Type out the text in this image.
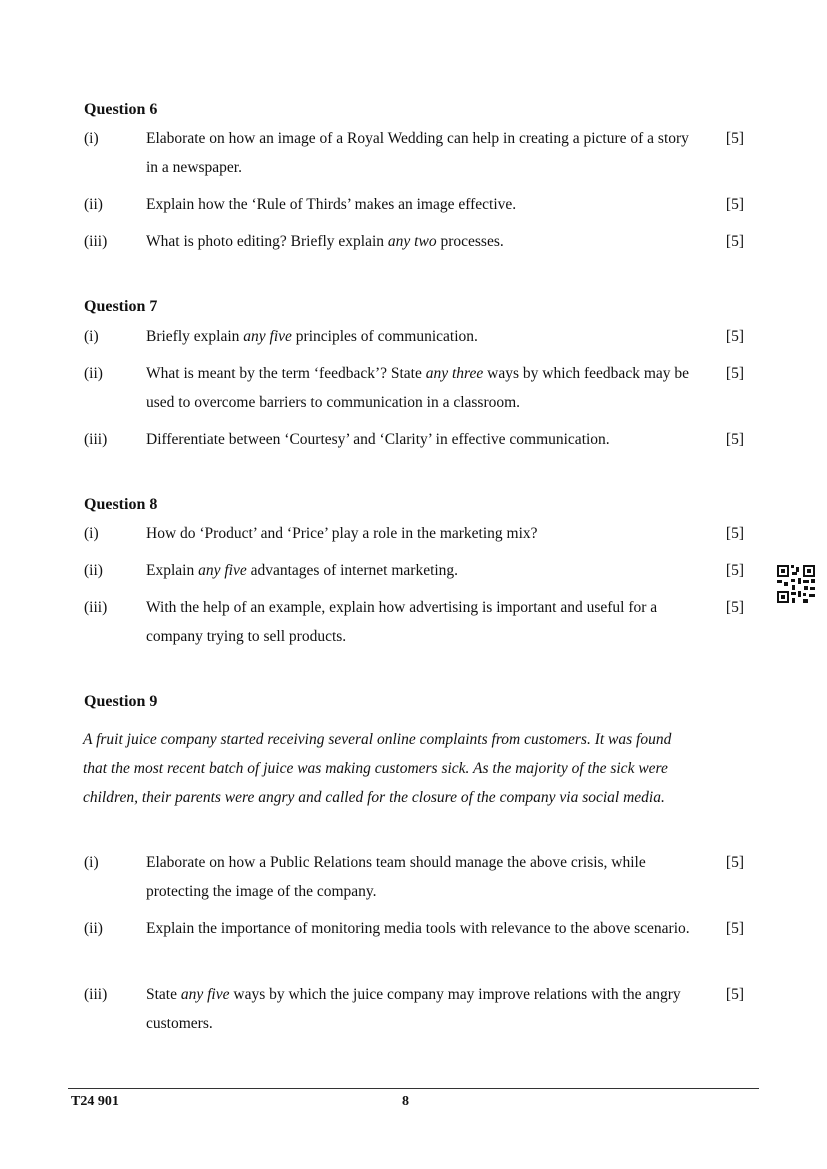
Question 6
(i)	Elaborate on how an image of a Royal Wedding can help in creating a picture of a story in a newspaper.
[5]
(ii)	Explain how the ‘Rule of Thirds’ makes an image effective.	[5]
(iii)	What is photo editing? Briefly explain any two processes.	[5]
Question 7
(i)	Briefly explain any five principles of communication.	[5]
(ii)	What is meant by the term ‘feedback’? State any three ways by which feedback may be used to overcome barriers to communication in a classroom.
[5]
(iii)	Differentiate between ‘Courtesy’ and ‘Clarity’ in effective communication.	[5]
Question 8
(i)	How do ‘Product’ and ‘Price’ play a role in the marketing mix?	[5]
(ii)	Explain any five advantages of internet marketing.	[5]
(iii)	With the help of an example, explain how advertising is important and useful for a company trying to sell products.
[5]
Question 9
A fruit juice company started receiving several online complaints from customers. It was found that the most recent batch of juice was making customers sick. As the majority of the sick were children, their parents were angry and called for the closure of the company via social media.
(i)	Elaborate on how a Public Relations team should manage the above crisis, while protecting the image of the company.
[5]
(ii)	Explain the importance of monitoring media tools with relevance to the above scenario. [5]
(iii)	State any five ways by which the juice company may improve relations with the angry customers.
[5]
T24 901	8
